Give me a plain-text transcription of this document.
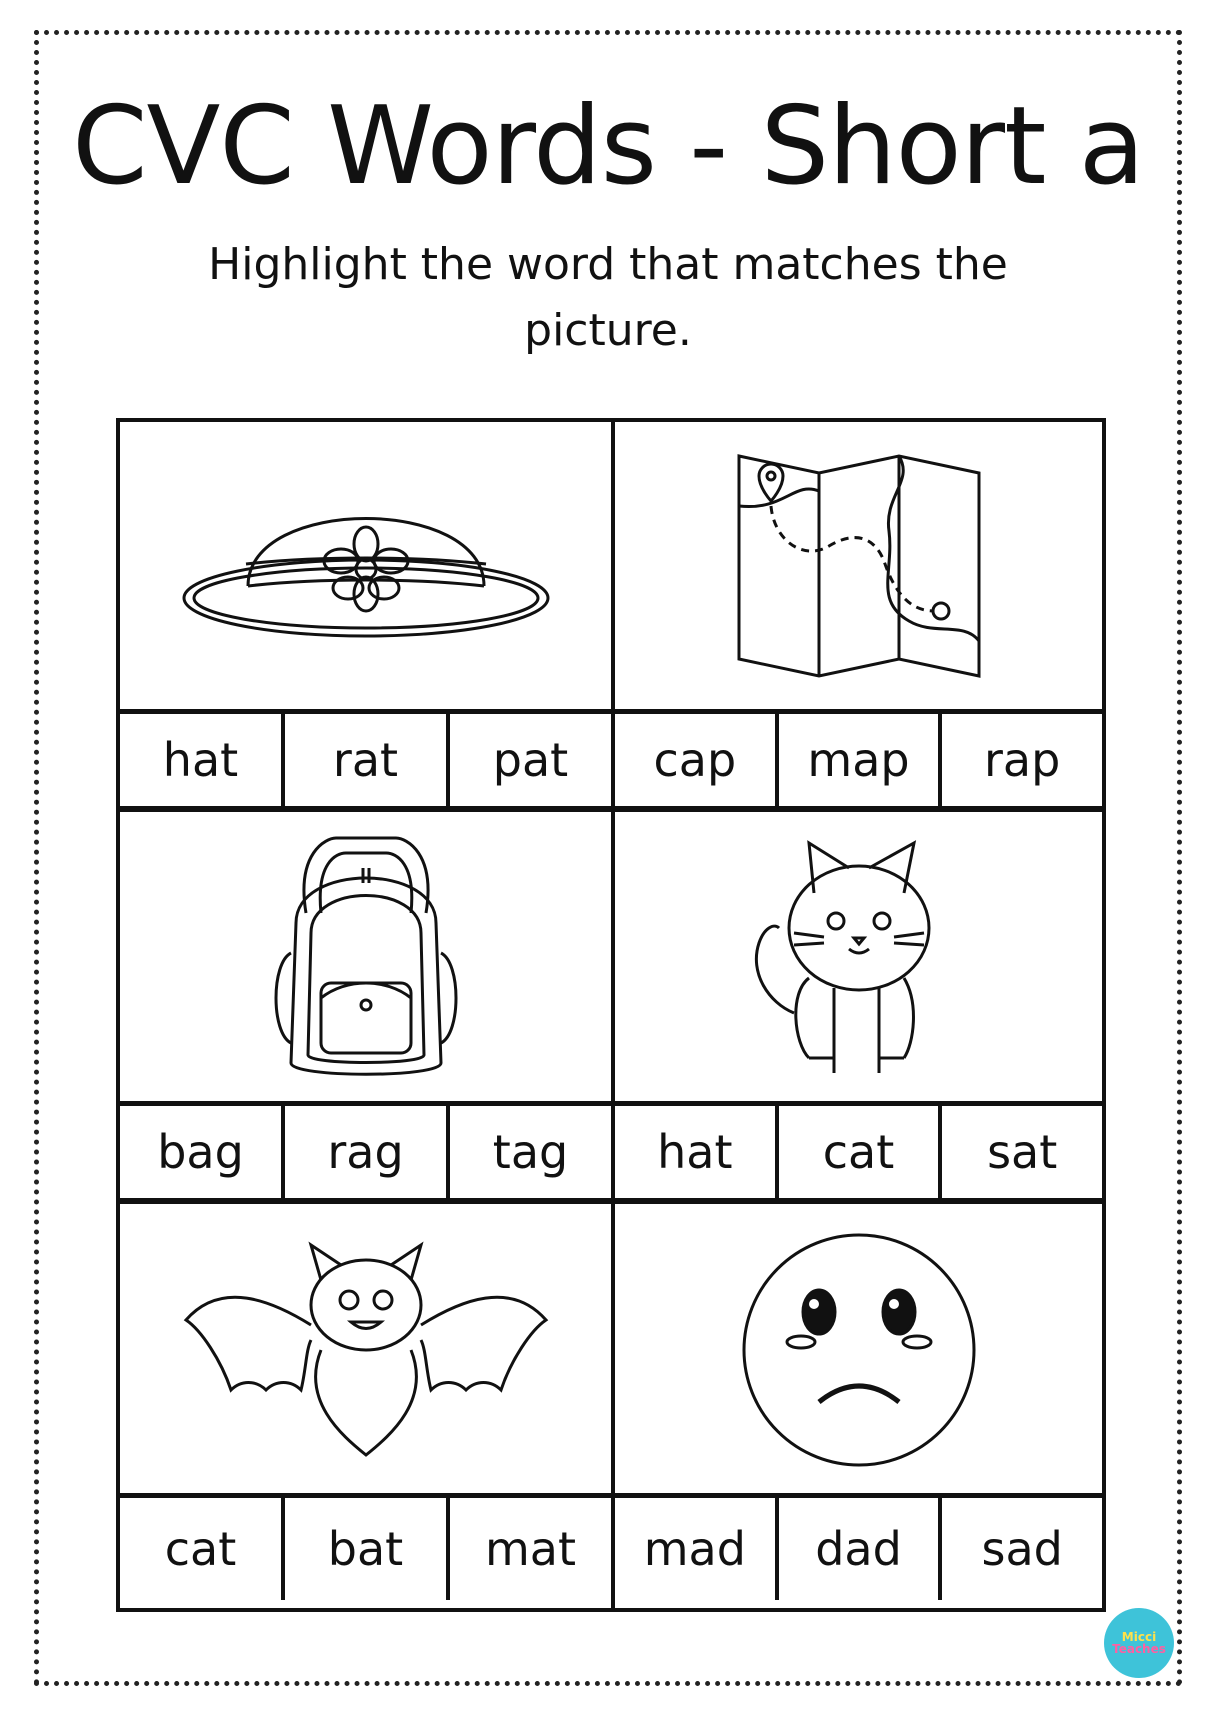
CVC Words - Short a
Highlight the word that matches the picture.
hat	rat	pat	cap	map	rap
bag	rag	tag	hat	cat	sat
cat	bat	mat	mad	dad	sad
Micci
Teaches
